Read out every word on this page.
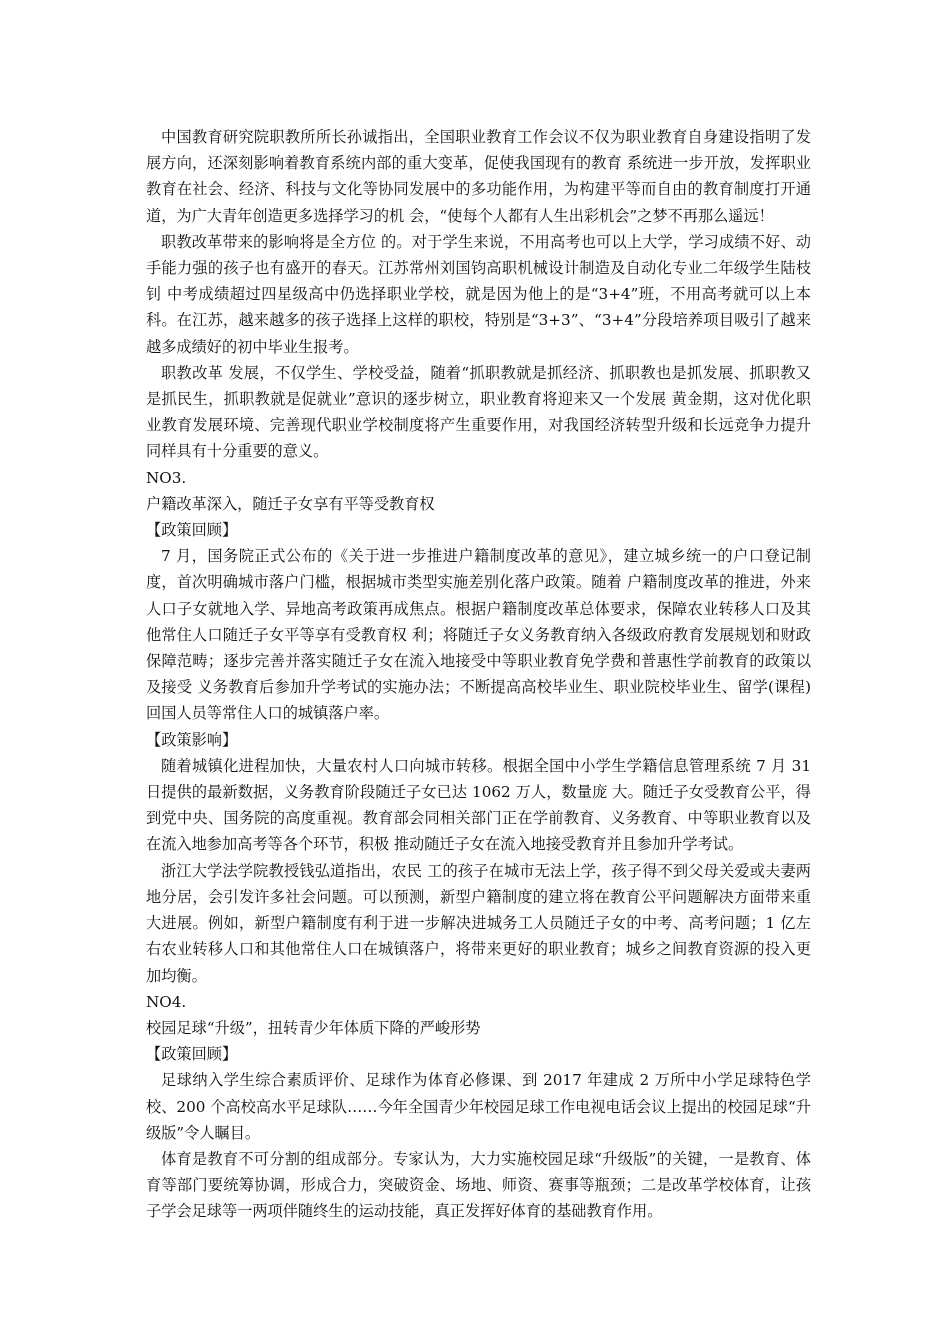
中国教育研究院职教所所长孙诚指出，全国职业教育工作会议不仅为职业教育自身建设指明了发展方向，还深刻影响着教育系统内部的重大变革，促使我国现有的教育 系统进一步开放，发挥职业教育在社会、经济、科技与文化等协同发展中的多功能作用，为构建平等而自由的教育制度打开通道，为广大青年创造更多选择学习的机 会，“使每个人都有人生出彩机会”之梦不再那么遥远！

职教改革带来的影响将是全方位 的。对于学生来说，不用高考也可以上大学，学习成绩不好、动手能力强的孩子也有盛开的春天。江苏常州刘国钧高职机械设计制造及自动化专业二年级学生陆枝钊 中考成绩超过四星级高中仍选择职业学校，就是因为他上的是“3+4”班，不用高考就可以上本科。在江苏，越来越多的孩子选择上这样的职校，特别是“3+3”、“3+4”分段培养项目吸引了越来越多成绩好的初中毕业生报考。

职教改革 发展，不仅学生、学校受益，随着“抓职教就是抓经济、抓职教也是抓发展、抓职教又是抓民生，抓职教就是促就业”意识的逐步树立，职业教育将迎来又一个发展 黄金期，这对优化职业教育发展环境、完善现代职业学校制度将产生重要作用，对我国经济转型升级和长远竞争力提升同样具有十分重要的意义。

NO3.

户籍改革深入，随迁子女享有平等受教育权

【政策回顾】

7 月，国务院正式公布的《关于进一步推进户籍制度改革的意见》，建立城乡统一的户口登记制度，首次明确城市落户门槛，根据城市类型实施差别化落户政策。随着 户籍制度改革的推进，外来人口子女就地入学、异地高考政策再成焦点。根据户籍制度改革总体要求，保障农业转移人口及其他常住人口随迁子女平等享有受教育权 利；将随迁子女义务教育纳入各级政府教育发展规划和财政保障范畴；逐步完善并落实随迁子女在流入地接受中等职业教育免学费和普惠性学前教育的政策以及接受 义务教育后参加升学考试的实施办法；不断提高高校毕业生、职业院校毕业生、留学(课程)回国人员等常住人口的城镇落户率。

【政策影响】

随着城镇化进程加快，大量农村人口向城市转移。根据全国中小学生学籍信息管理系统 7 月 31 日提供的最新数据，义务教育阶段随迁子女已达 1062 万人，数量庞 大。随迁子女受教育公平，得到党中央、国务院的高度重视。教育部会同相关部门正在学前教育、义务教育、中等职业教育以及在流入地参加高考等各个环节，积极 推动随迁子女在流入地接受教育并且参加升学考试。

浙江大学法学院教授钱弘道指出，农民 工的孩子在城市无法上学，孩子得不到父母关爱或夫妻两地分居，会引发许多社会问题。可以预测，新型户籍制度的建立将在教育公平问题解决方面带来重大进展。例如，新型户籍制度有利于进一步解决进城务工人员随迁子女的中考、高考问题；1 亿左右农业转移人口和其他常住人口在城镇落户，将带来更好的职业教育；城乡之间教育资源的投入更加均衡。

NO4.

校园足球“升级”，扭转青少年体质下降的严峻形势

【政策回顾】

足球纳入学生综合素质评价、足球作为体育必修课、到 2017 年建成 2 万所中小学足球特色学校、200 个高校高水平足球队……今年全国青少年校园足球工作电视电话会议上提出的校园足球“升级版”令人瞩目。

体育是教育不可分割的组成部分。专家认为，大力实施校园足球“升级版”的关键，一是教育、体育等部门要统筹协调，形成合力，突破资金、场地、师资、赛事等瓶颈；二是改革学校体育，让孩子学会足球等一两项伴随终生的运动技能，真正发挥好体育的基础教育作用。
